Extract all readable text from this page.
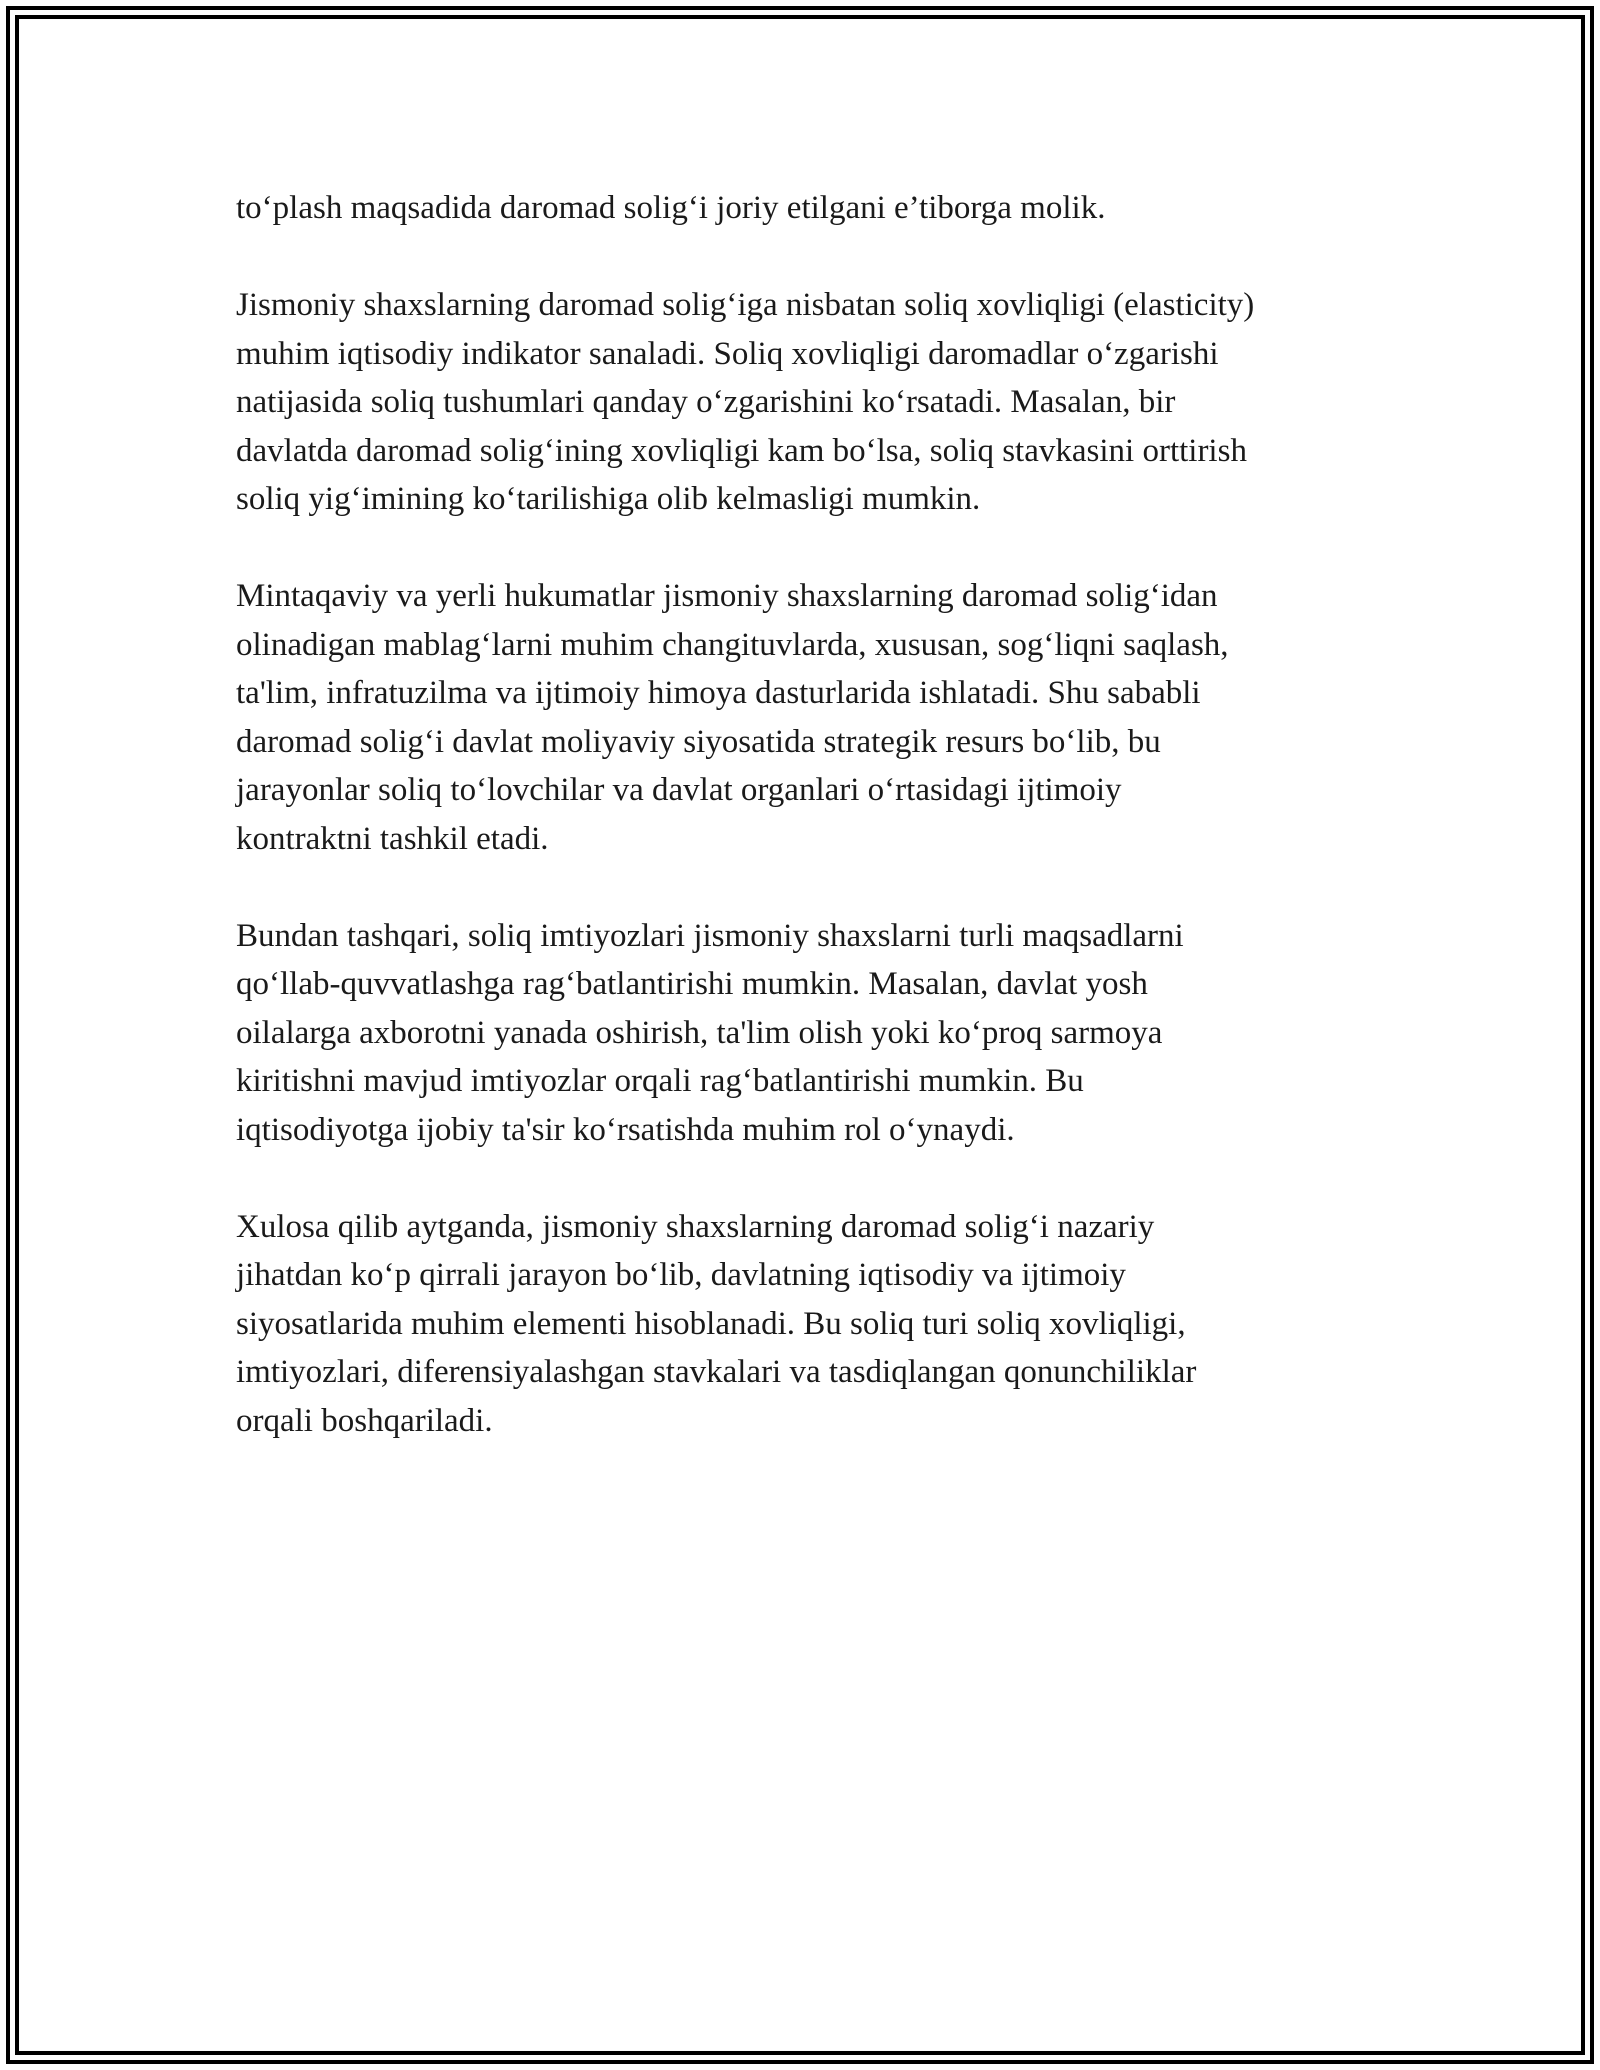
to‘plash maqsadida daromad solig‘i joriy etilgani e’tiborga molik.

Jismoniy shaxslarning daromad solig‘iga nisbatan soliq xovliqligi (elasticity)
muhim iqtisodiy indikator sanaladi. Soliq xovliqligi daromadlar o‘zgarishi
natijasida soliq tushumlari qanday o‘zgarishini ko‘rsatadi. Masalan, bir
davlatda daromad solig‘ining xovliqligi kam bo‘lsa, soliq stavkasini orttirish
soliq yig‘imining ko‘tarilishiga olib kelmasligi mumkin.

Mintaqaviy va yerli hukumatlar jismoniy shaxslarning daromad solig‘idan
olinadigan mablag‘larni muhim changituvlarda, xususan, sog‘liqni saqlash,
ta'lim, infratuzilma va ijtimoiy himoya dasturlarida ishlatadi. Shu sababli
daromad solig‘i davlat moliyaviy siyosatida strategik resurs bo‘lib, bu
jarayonlar soliq to‘lovchilar va davlat organlari o‘rtasidagi ijtimoiy
kontraktni tashkil etadi.

Bundan tashqari, soliq imtiyozlari jismoniy shaxslarni turli maqsadlarni
qo‘llab-quvvatlashga rag‘batlantirishi mumkin. Masalan, davlat yosh
oilalarga axborotni yanada oshirish, ta'lim olish yoki ko‘proq sarmoya
kiritishni mavjud imtiyozlar orqali rag‘batlantirishi mumkin. Bu
iqtisodiyotga ijobiy ta'sir ko‘rsatishda muhim rol o‘ynaydi.

Xulosa qilib aytganda, jismoniy shaxslarning daromad solig‘i nazariy
jihatdan ko‘p qirrali jarayon bo‘lib, davlatning iqtisodiy va ijtimoiy
siyosatlarida muhim elementi hisoblanadi. Bu soliq turi soliq xovliqligi,
imtiyozlari, diferensiyalashgan stavkalari va tasdiqlangan qonunchiliklar
orqali boshqariladi.
